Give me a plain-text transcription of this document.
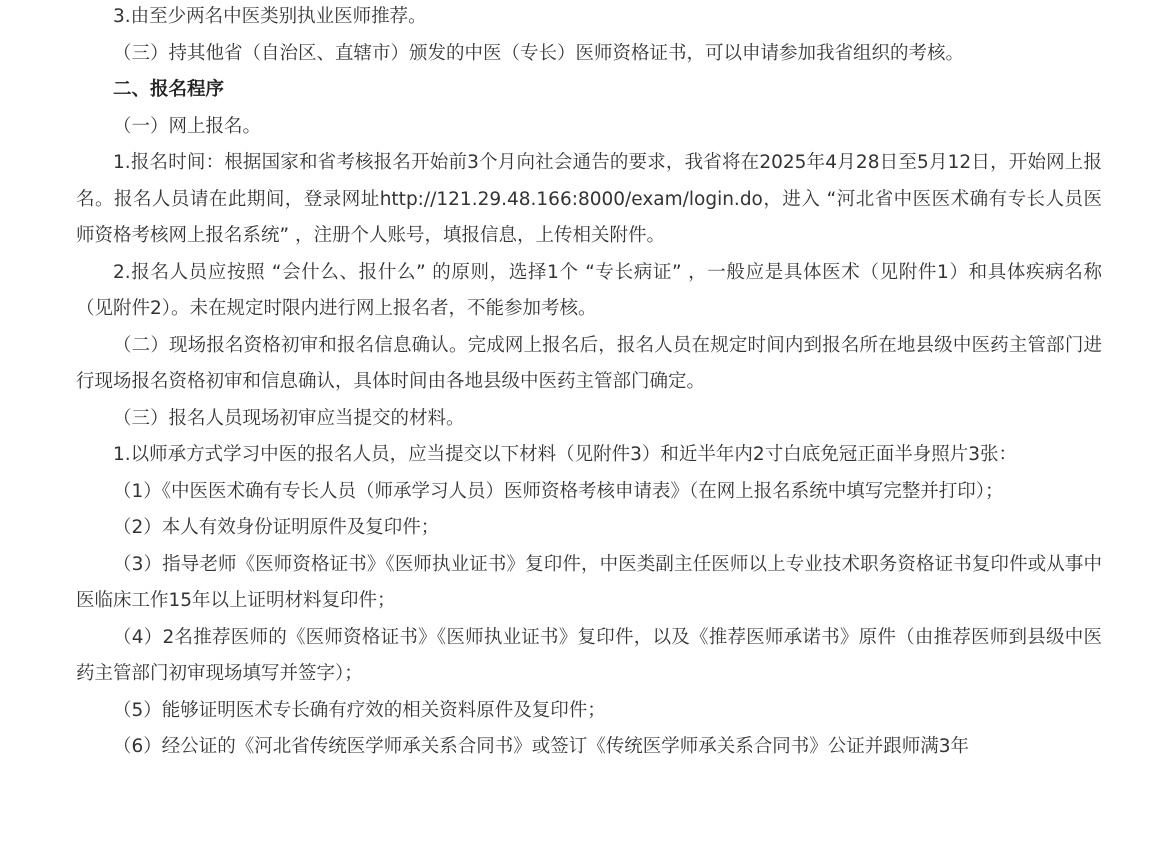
3.由至少两名中医类别执业医师推荐。

（三）持其他省（自治区、直辖市）颁发的中医（专长）医师资格证书，可以申请参加我省组织的考核。

二、报名程序

（一）网上报名。

1.报名时间：根据国家和省考核报名开始前3个月向社会通告的要求，我省将在2025年4月28日至5月12日，开始网上报名。报名人员请在此期间，登录网址http://121.29.48.166:8000/exam/login.do，进入 “河北省中医医术确有专长人员医师资格考核网上报名系统” ，注册个人账号，填报信息，上传相关附件。

2.报名人员应按照 “会什么、报什么” 的原则，选择1个 “专长病证” ，一般应是具体医术（见附件1）和具体疾病名称（见附件2）。未在规定时限内进行网上报名者，不能参加考核。

（二）现场报名资格初审和报名信息确认。完成网上报名后，报名人员在规定时间内到报名所在地县级中医药主管部门进行现场报名资格初审和信息确认，具体时间由各地县级中医药主管部门确定。

（三）报名人员现场初审应当提交的材料。

1.以师承方式学习中医的报名人员，应当提交以下材料（见附件3）和近半年内2寸白底免冠正面半身照片3张：

（1）《中医医术确有专长人员（师承学习人员）医师资格考核申请表》（在网上报名系统中填写完整并打印）；

（2）本人有效身份证明原件及复印件；

（3）指导老师《医师资格证书》《医师执业证书》复印件，中医类副主任医师以上专业技术职务资格证书复印件或从事中医临床工作15年以上证明材料复印件；

（4）2名推荐医师的《医师资格证书》《医师执业证书》复印件，以及《推荐医师承诺书》原件（由推荐医师到县级中医药主管部门初审现场填写并签字）；

（5）能够证明医术专长确有疗效的相关资料原件及复印件；

（6）经公证的《河北省传统医学师承关系合同书》或签订《传统医学师承关系合同书》公证并跟师满3年
